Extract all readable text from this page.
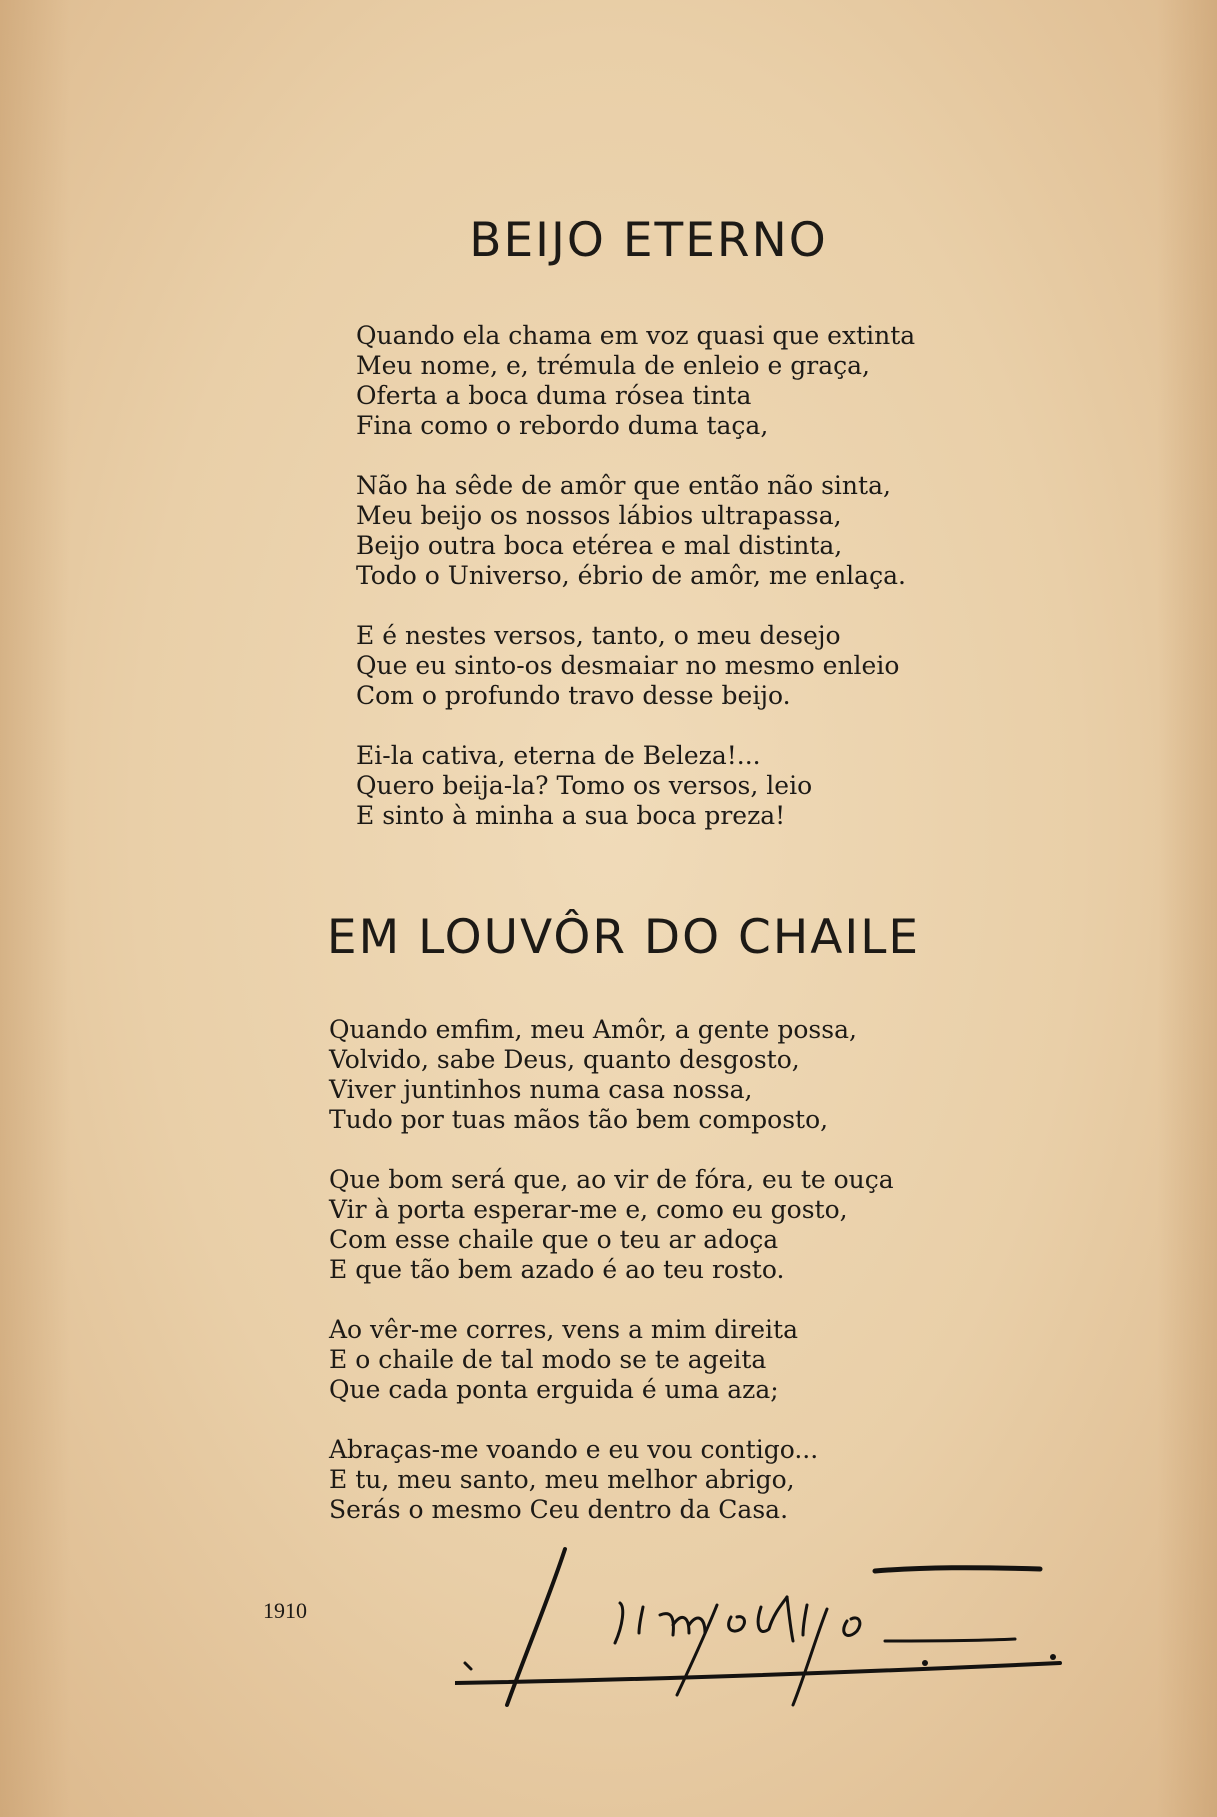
BEIJO ETERNO
Quando ela chama em voz quasi que extinta
Meu nome, e, trémula de enleio e graça,
Oferta a boca duma rósea tinta
Fina como o rebordo duma taça,
Não ha sêde de amôr que então não sinta,
Meu beijo os nossos lábios ultrapassa,
Beijo outra boca etérea e mal distinta,
Todo o Universo, ébrio de amôr, me enlaça.
E é nestes versos, tanto, o meu desejo
Que eu sinto-os desmaiar no mesmo enleio
Com o profundo travo desse beijo.
Ei-la cativa, eterna de Beleza!...
Quero beija-la? Tomo os versos, leio
E sinto à minha a sua boca preza!
EM LOUVÔR DO CHAILE
Quando emfim, meu Amôr, a gente possa,
Volvido, sabe Deus, quanto desgosto,
Viver juntinhos numa casa nossa,
Tudo por tuas mãos tão bem composto,
Que bom será que, ao vir de fóra, eu te ouça
Vir à porta esperar-me e, como eu gosto,
Com esse chaile que o teu ar adoça
E que tão bem azado é ao teu rosto.
Ao vêr-me corres, vens a mim direita
E o chaile de tal modo se te ageita
Que cada ponta erguida é uma aza;
Abraças-me voando e eu vou contigo...
E tu, meu santo, meu melhor abrigo,
Serás o mesmo Ceu dentro da Casa.
1910
